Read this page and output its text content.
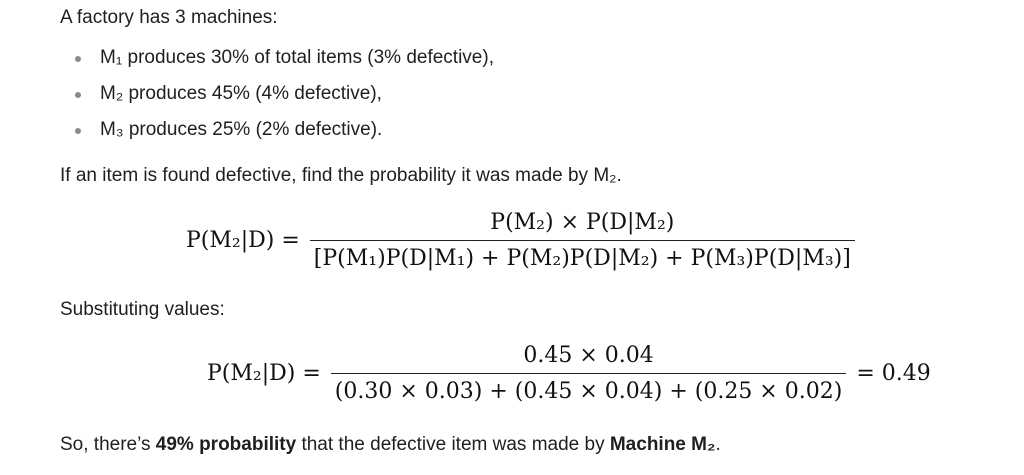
A factory has 3 machines:

M₁ produces 30% of total items (3% defective),
M₂ produces 45% (4% defective),
M₃ produces 25% (2% defective).

If an item is found defective, find the probability it was made by M₂.

$P(M_2|D) = \frac{\text{P(M₂) × P(D|M₂)}}{\text{[P(M₁)P(D|M₁) + P(M₂)P(D|M₂) + P(M₃)P(D|M₃)]}}$

Substituting values:

$P(M_2|D) = \frac{0.45 \times 0.04}{(0.30 \times 0.03) + (0.45 \times 0.04) + (0.25 \times 0.02)} = 0.49$

So, there’s 49% probability that the defective item was made by Machine M₂.
